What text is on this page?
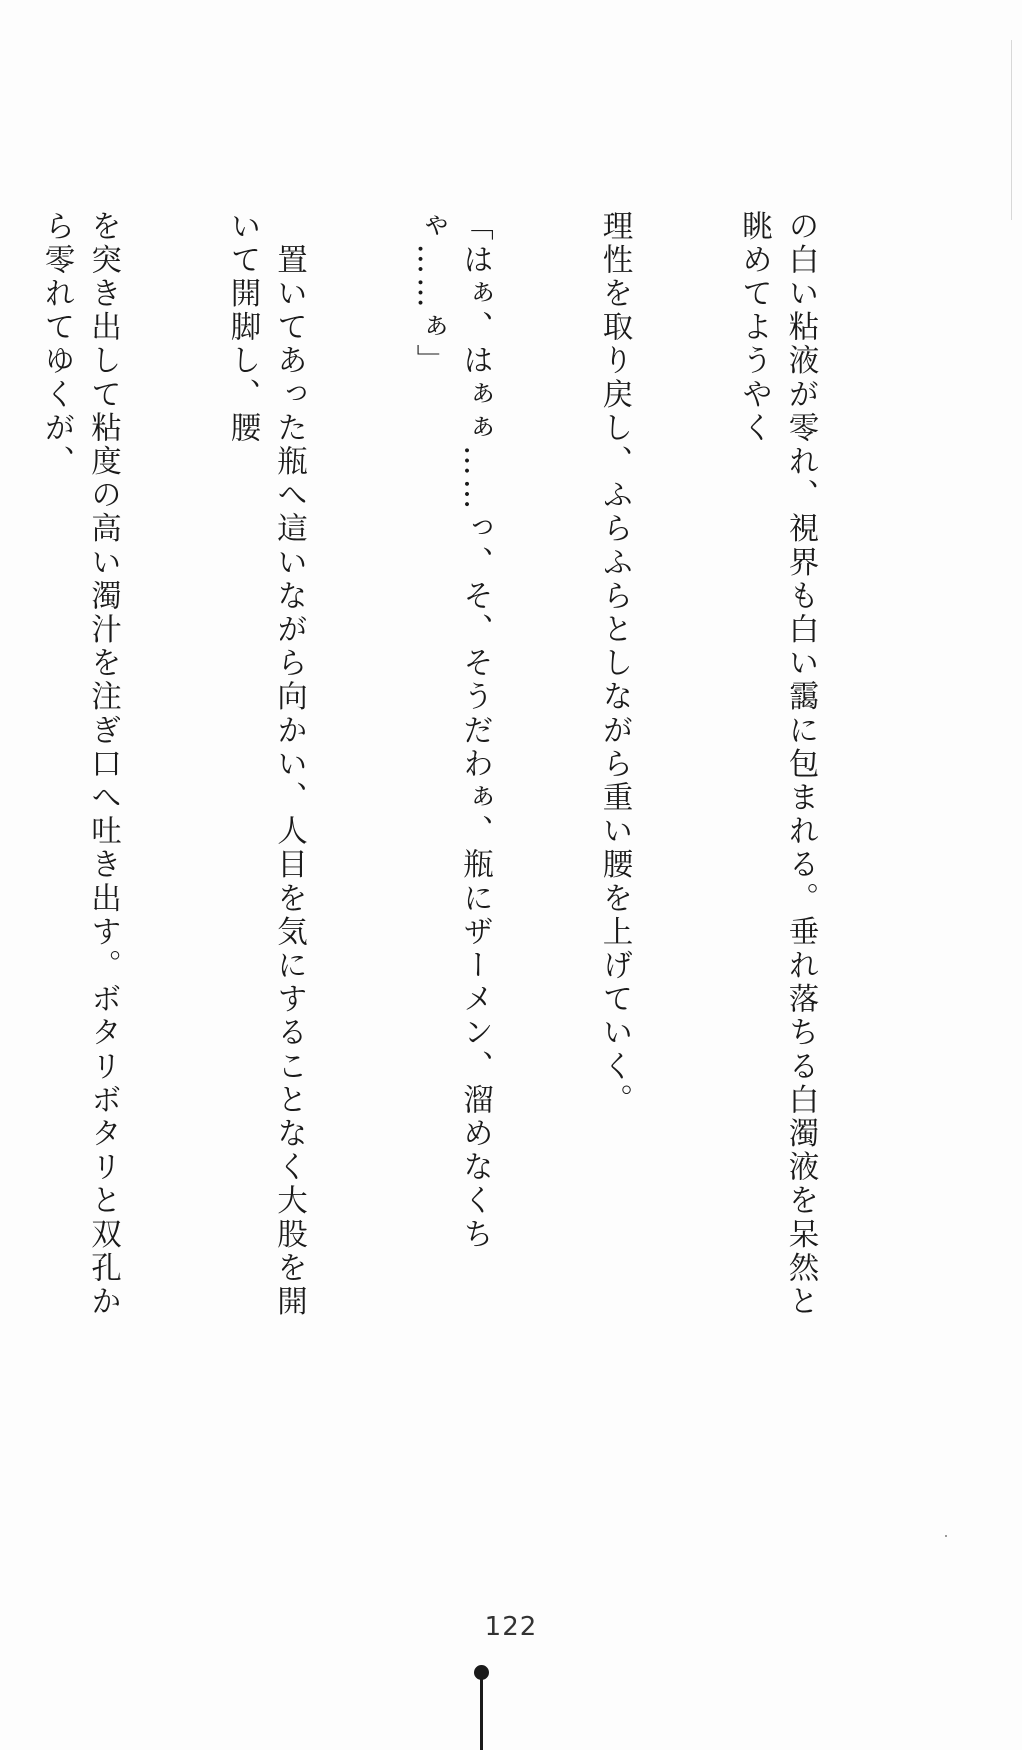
の白い粘液が零れ、視界も白い靄に包まれる。垂れ落ちる白濁液を呆然と眺めてようやく

理性を取り戻し、ふらふらとしながら重い腰を上げていく。

「はぁ、はぁぁ……っ、そ、そうだわぁ、瓶にザーメン、溜めなくちゃ……ぁ」

　置いてあった瓶へ這いながら向かい、人目を気にすることなく大股を開いて開脚し、腰

を突き出して粘度の高い濁汁を注ぎ口へ吐き出す。ボタリボタリと双孔から零れてゆくが、

122
